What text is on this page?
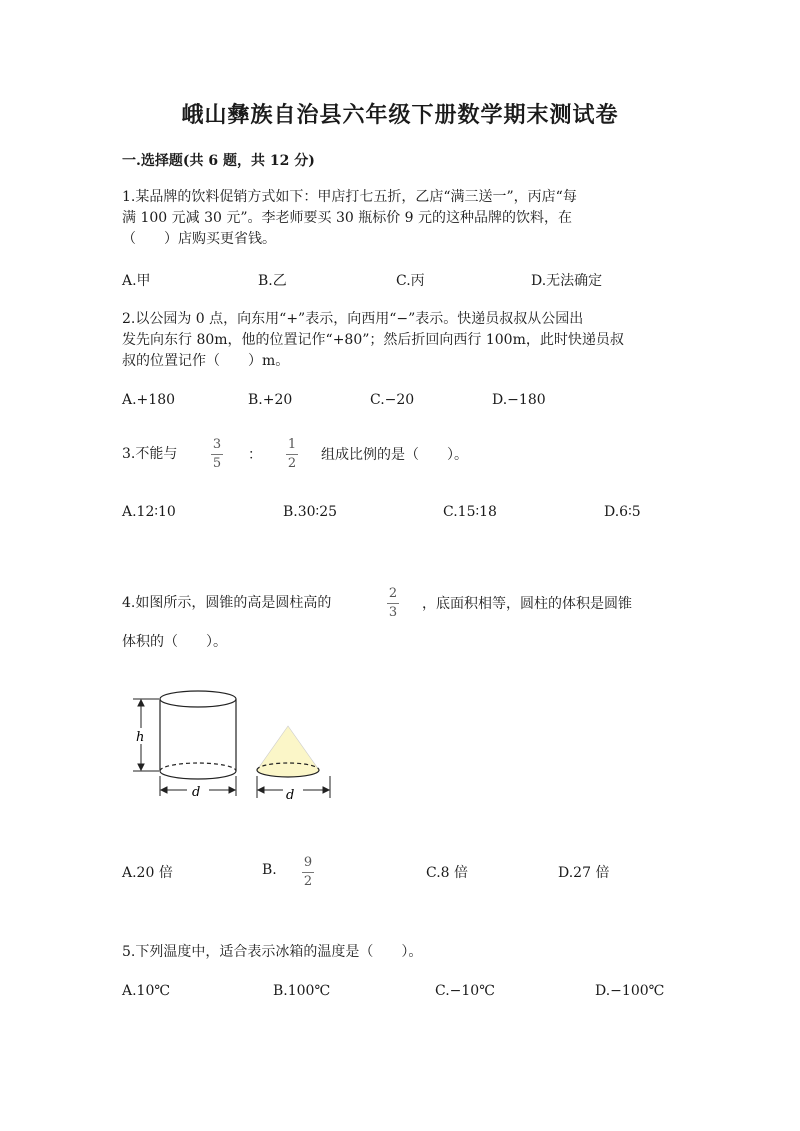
峨山彝族自治县六年级下册数学期末测试卷
一.选择题(共 6 题，共 12 分)
1.某品牌的饮料促销方式如下：甲店打七五折，乙店“满三送一”，丙店“每
满 100 元减 30 元”。李老师要买 30 瓶标价 9 元的这种品牌的饮料，在
（　　）店购买更省钱。
A.甲	B.乙	C.丙	D.无法确定
2.以公园为 0 点，向东用“+”表示，向西用“−”表示。快递员叔叔从公园出
发先向东行 80m，他的位置记作“+80”；然后折回向西行 100m，此时快递员叔
叔的位置记作（　　）m。
A.+180	B.+20	C.−20	D.−180
3.不能与
3
5
：
1
2
组成比例的是（　　）。
A.12∶10	B.30∶25	C.15∶18	D.6∶5
4.如图所示，圆锥的高是圆柱高的
2
3
，底面积相等，圆柱的体积是圆锥
体积的（　　）。
h
d	d
A.20 倍	B. 9
2
C.8 倍	D.27 倍
5.下列温度中，适合表示冰箱的温度是（　　）。
A.10℃	B.100℃	C.−10℃	D.−100℃
